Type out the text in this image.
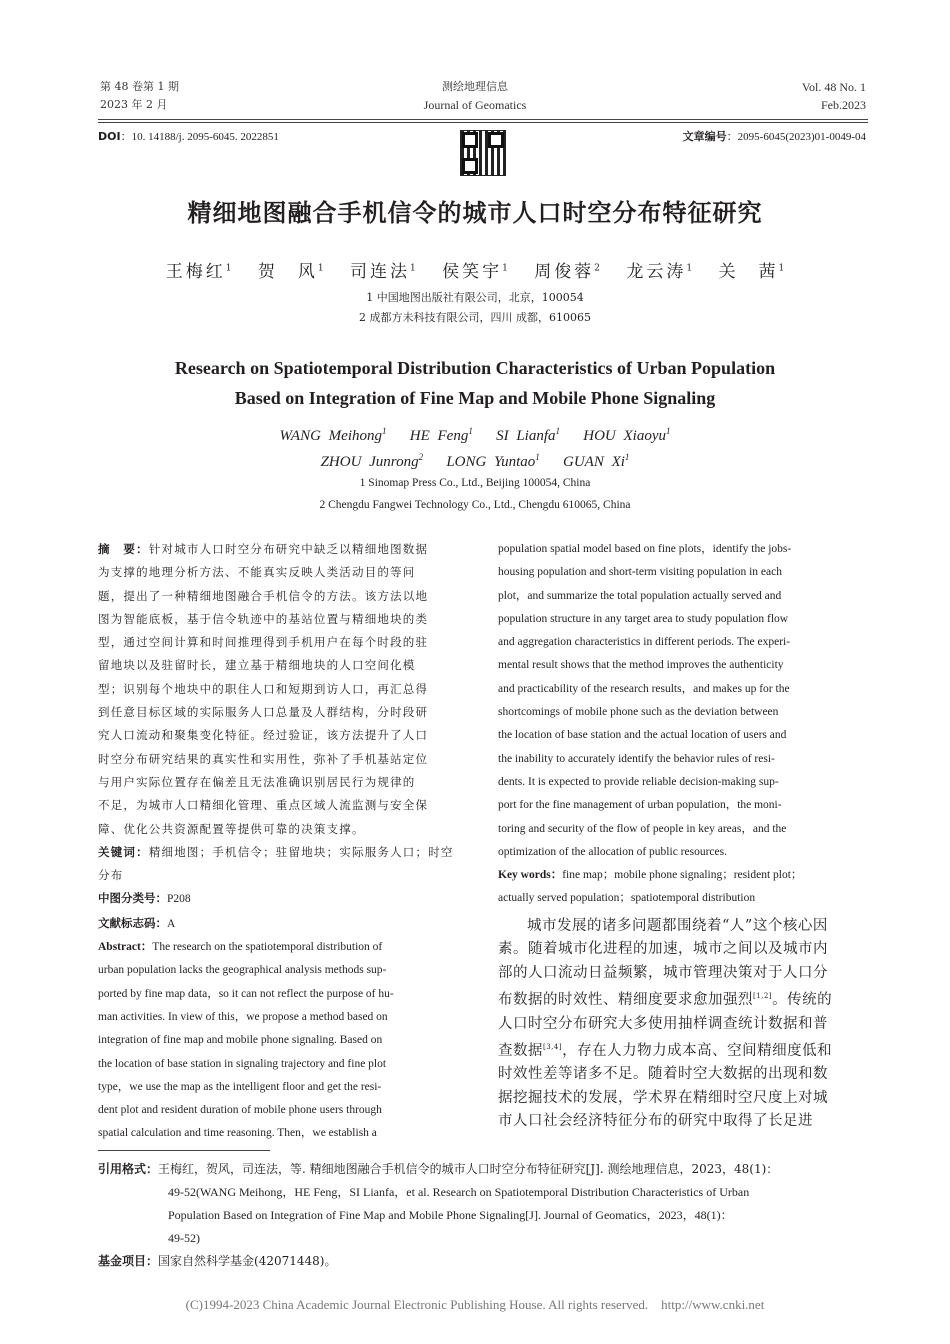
第 48 卷第 1 期
2023 年 2 月
测绘地理信息
Journal of Geomatics
Vol. 48 No. 1
Feb.2023
DOI：10. 14188/j. 2095-6045. 2022851	文章编号：2095-6045(2023)01-0049-04
精细地图融合手机信令的城市人口时空分布特征研究
王梅红$^1$ 贺　风$^1$ 司连法$^1$ 侯笑宇$^1$ 周俊蓉$^2$ 龙云涛$^1$ 关　茜$^1$
1 中国地图出版社有限公司，北京，100054
2 成都方未科技有限公司，四川 成都，610065
Research on Spatiotemporal Distribution Characteristics of Urban Population
Based on Integration of Fine Map and Mobile Phone Signaling
WANG Meihong$^1$ HE Feng$^1$ SI Lianfa$^1$ HOU Xiaoyu$^1$
ZHOU Junrong$^2$ LONG Yuntao$^1$ GUAN Xi$^1$
1 Sinomap Press Co., Ltd., Beijing 100054, China
2 Chengdu Fangwei Technology Co., Ltd., Chengdu 610065, China
摘　要：针对城市人口时空分布研究中缺乏以精细地图数据
为支撑的地理分析方法、不能真实反映人类活动目的等问
题，提出了一种精细地图融合手机信令的方法。该方法以地
图为智能底板，基于信令轨迹中的基站位置与精细地块的类
型，通过空间计算和时间推理得到手机用户在每个时段的驻
留地块以及驻留时长，建立基于精细地块的人口空间化模
型；识别每个地块中的职住人口和短期到访人口，再汇总得
到任意目标区域的实际服务人口总量及人群结构，分时段研
究人口流动和聚集变化特征。经过验证，该方法提升了人口
时空分布研究结果的真实性和实用性，弥补了手机基站定位
与用户实际位置存在偏差且无法准确识别居民行为规律的
不足，为城市人口精细化管理、重点区域人流监测与安全保
障、优化公共资源配置等提供可靠的决策支撑。
关键词：精细地图；手机信令；驻留地块；实际服务人口；时空
分布
中图分类号：P208
文献标志码：A
Abstract：The research on the spatiotemporal distribution of
urban population lacks the geographical analysis methods sup-
ported by fine map data，so it can not reflect the purpose of hu-
man activities. In view of this，we propose a method based on
integration of fine map and mobile phone signaling. Based on
the location of base station in signaling trajectory and fine plot
type，we use the map as the intelligent floor and get the resi-
dent plot and resident duration of mobile phone users through
spatial calculation and time reasoning. Then，we establish a
population spatial model based on fine plots，identify the jobs-
housing population and short-term visiting population in each
plot，and summarize the total population actually served and
population structure in any target area to study population flow
and aggregation characteristics in different periods. The experi-
mental result shows that the method improves the authenticity
and practicability of the research results，and makes up for the
shortcomings of mobile phone such as the deviation between
the location of base station and the actual location of users and
the inability to accurately identify the behavior rules of resi-
dents. It is expected to provide reliable decision-making sup-
port for the fine management of urban population，the moni-
toring and security of the flow of people in key areas，and the
optimization of the allocation of public resources.
Key words：fine map；mobile phone signaling；resident plot；
actually served population；spatiotemporal distribution
城市发展的诸多问题都围绕着“人”这个核心因
素。随着城市化进程的加速，城市之间以及城市内
部的人口流动日益频繁，城市管理决策对于人口分
布数据的时效性、精细度要求愈加强烈[1,2]。传统的
人口时空分布研究大多使用抽样调查统计数据和普
查数据[3,4]，存在人力物力成本高、空间精细度低和
时效性差等诸多不足。随着时空大数据的出现和数
据挖掘技术的发展，学术界在精细时空尺度上对城
市人口社会经济特征分布的研究中取得了长足进
引用格式：王梅红，贺风，司连法，等. 精细地图融合手机信令的城市人口时空分布特征研究[J]. 测绘地理信息，2023，48(1)：
49-52(WANG Meihong，HE Feng，SI Lianfa，et al. Research on Spatiotemporal Distribution Characteristics of Urban
Population Based on Integration of Fine Map and Mobile Phone Signaling[J]. Journal of Geomatics，2023，48(1)：
49-52)
基金项目：国家自然科学基金(42071448)。
(C)1994-2023 China Academic Journal Electronic Publishing House. All rights reserved.    http://www.cnki.net
